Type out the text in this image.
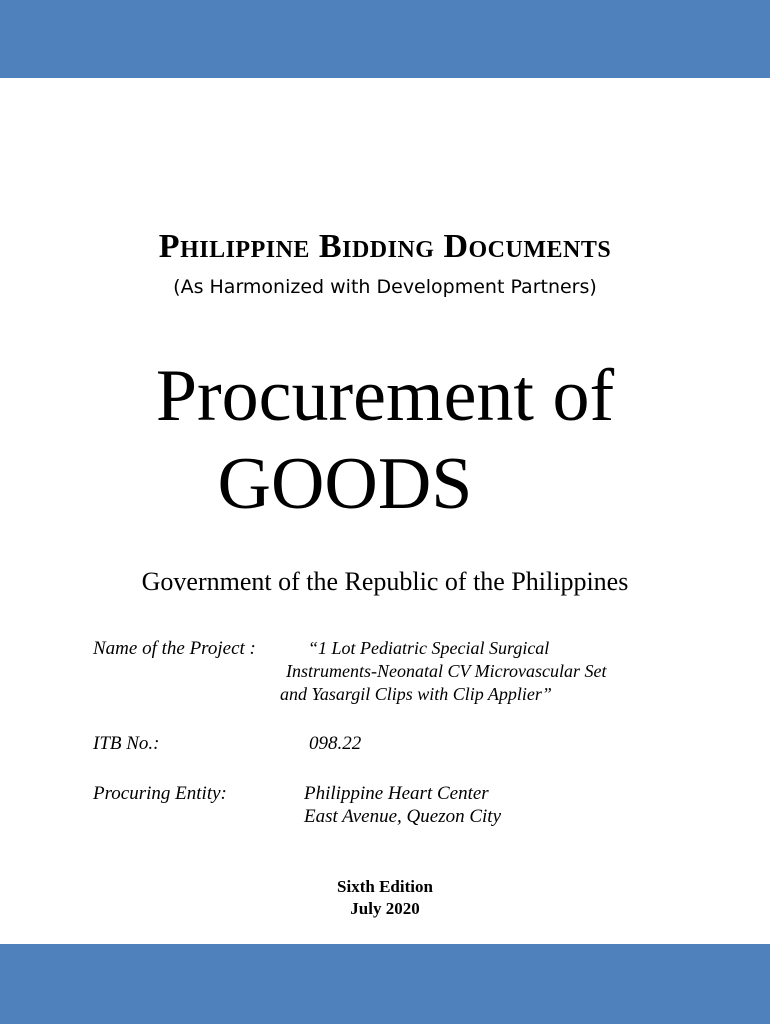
Philippine Bidding Documents

(As Harmonized with Development Partners)

Procurement of
GOODS

Government of the Republic of the Philippines

Name of the Project :	“1 Lot Pediatric Special Surgical
Instruments-Neonatal CV Microvascular Set
and Yasargil Clips with Clip Applier”
ITB No.:	098.22
Procuring Entity:	Philippine Heart Center
East Avenue, Quezon City
Sixth Edition
July 2020
